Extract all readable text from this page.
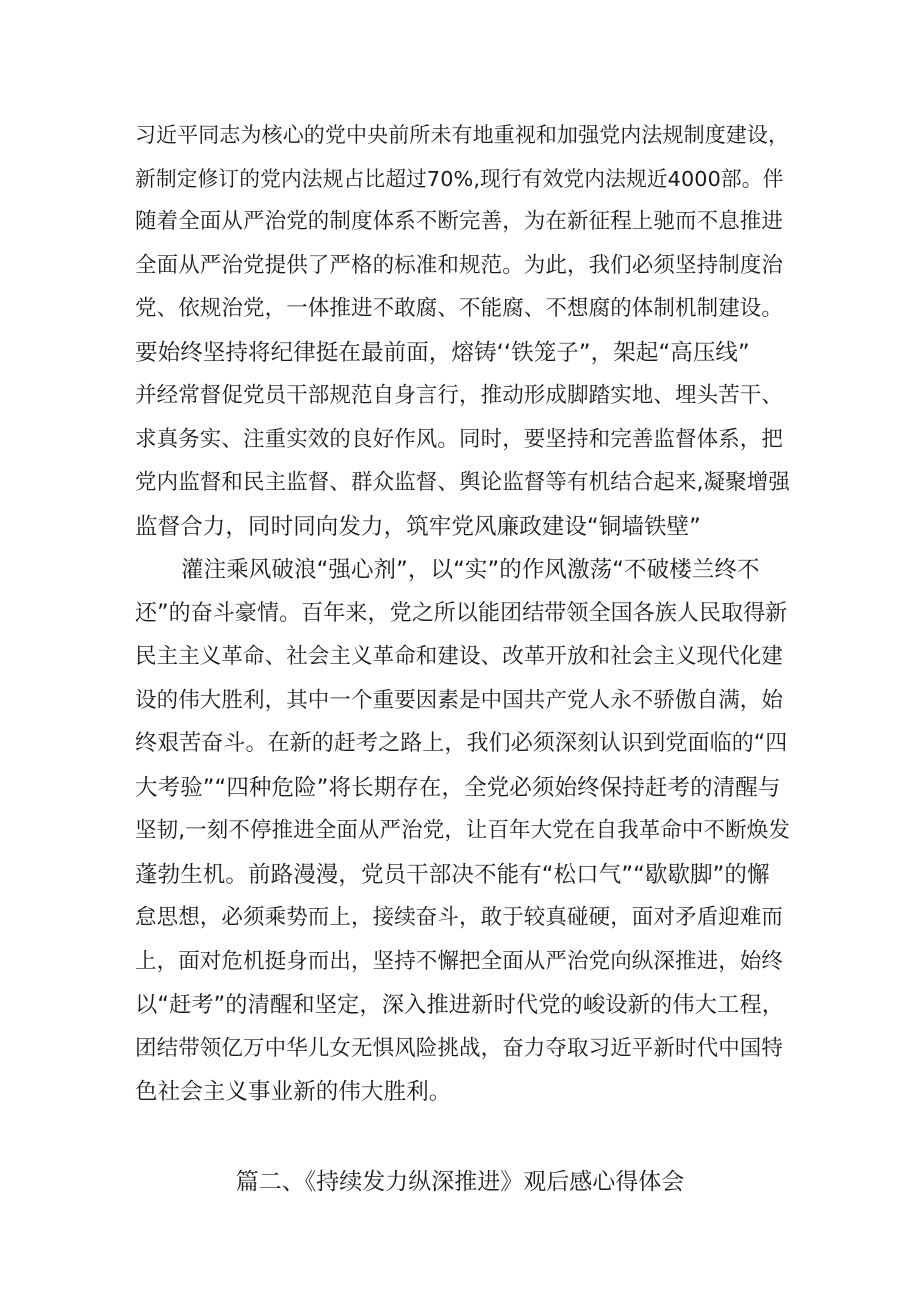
习近平同志为核心的党中央前所未有地重视和加强党内法规制度建设，
新制定修订的党内法规占比超过70%,现行有效党内法规近4000部。伴
随着全面从严治党的制度体系不断完善，为在新征程上驰而不息推进
全面从严治党提供了严格的标准和规范。为此，我们必须坚持制度治
党、依规治党，一体推进不敢腐、不能腐、不想腐的体制机制建设。
要始终坚持将纪律挺在最前面，熔铸‘‘铁笼子”，架起“高压线”
并经常督促党员干部规范自身言行，推动形成脚踏实地、埋头苦干、
求真务实、注重实效的良好作风。同时，要坚持和完善监督体系，把
党内监督和民主监督、群众监督、舆论监督等有机结合起来,凝聚增强
监督合力，同时同向发力，筑牢党风廉政建设“铜墙铁壁”
灌注乘风破浪“强心剂”，以“实”的作风激荡“不破楼兰终不
还”的奋斗豪情。百年来，党之所以能团结带领全国各族人民取得新
民主主义革命、社会主义革命和建设、改革开放和社会主义现代化建
设的伟大胜利，其中一个重要因素是中国共产党人永不骄傲自满，始
终艰苦奋斗。在新的赶考之路上，我们必须深刻认识到党面临的“四
大考验”“四种危险”将长期存在，全党必须始终保持赶考的清醒与
坚韧,一刻不停推进全面从严治党，让百年大党在自我革命中不断焕发
蓬勃生机。前路漫漫，党员干部决不能有“松口气”“歇歇脚”的懈
怠思想，必须乘势而上，接续奋斗，敢于较真碰硬，面对矛盾迎难而
上，面对危机挺身而出，坚持不懈把全面从严治党向纵深推进，始终
以“赶考”的清醒和坚定，深入推进新时代党的峻设新的伟大工程，
团结带领亿万中华儿女无惧风险挑战，奋力夺取习近平新时代中国特
色社会主义事业新的伟大胜利。
篇二、《持续发力纵深推进》观后感心得体会
